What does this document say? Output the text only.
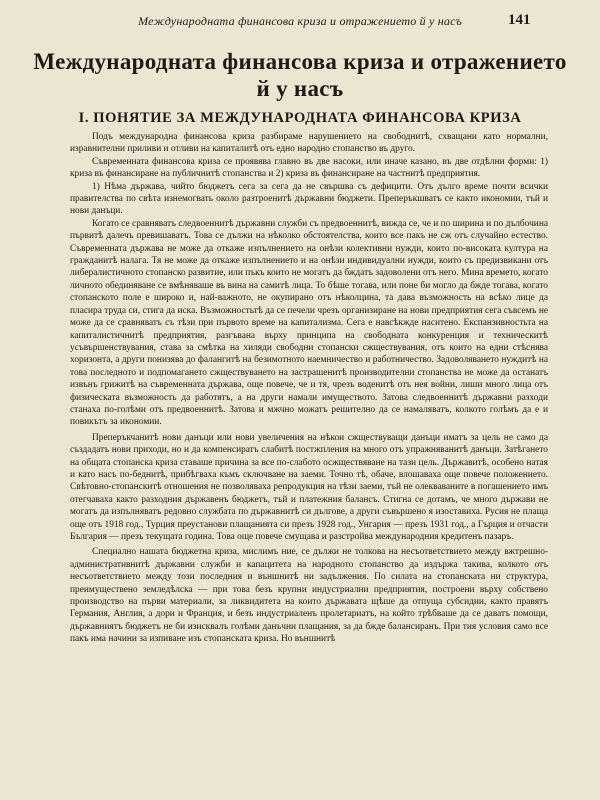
Международната финансова криза и отражението й у насъ	141
Международната финансова криза и отражението й у насъ
I. ПОНЯТИЕ ЗА МЕЖДУНАРОДНАТА ФИНАНСОВА КРИЗА

Подъ международна финансова криза разбираме нарушението на свободнитѣ, схващани като нормални, изравнителни приливи и отливи на капиталитѣ отъ едно народно стопанство въ друго.

Съвременната финансова криза се проявява главно въ две насоки, или иначе казано, въ две отдѣлни форми: 1) криза въ финансиране на публичнитѣ стопанства и 2) криза въ финансиране на частнитѣ предприятия.

1) Нѣма държава, чийто бюджетъ сега за сега да не свършва съ дефицити. Отъ дълго време почти всички правителства по свѣта изнемогвать около разтроенитѣ държавни бюджети. Преперъкшватъ се както икономии, тъй и нови данъци.

Когато се сравняватъ следвоеннитѣ държавни служби съ предвоеннитѣ, вижда се, че и по ширина и по дълбочина първитѣ далечъ превишаватъ. Това се дължи на нѣколко обстоятелства, които все пакъ не сж отъ случайно естество. Съвременната държава не може да откаже изпълнението на онѣзи колективни нужди, които по-високата култура на гражданитѣ налага. Тя не може да откаже изпълнението и на онѣзи индивидуални нужди, които съ предизвикани отъ либералистичното стопанско развитие, или пъкъ които не могатъ да бждатъ задоволени отъ него. Мина времето, когато личното обединяване се вмѣняваше въ вина на самитѣ лица. То бѣше тогава, или поне би могло да бжде тогава, когато стопанското поле е широко и, най-важното, не окупирано отъ нѣколцина, та дава възможность на всѣко лице да пласира труда си, стига да иска. Възможностьтѣ да се печели чрезъ организиране на нови предприятия сега съвсемъ не може да се сравняватъ съ тѣзи при първото време на капитализма. Сега е навсѣкжде наситено. Експанзивностьта на капиталистичнитѣ предприятия, разгъвана върху принципа на свободната конкуренция и техническитѣ усъвършенствувания, става за смѣтка на хиляди свободни стопански сжществувания, отъ които на едни стѣснява хоризонта, а други понизява до фалангитѣ на безимотното наемничество и работничество. Задоволяването нуждитѣ на това последното и подпомагането сжществуването на застрашенитѣ производителни стопанства не може да останатъ извънъ грижитѣ на съвременната държава, още повече, че и тя, чрезъ воденитѣ отъ нея войни, лиши много лица отъ физическата възможность да работятъ, а на други намали имуществото. Затова следвоеннитѣ държавни разходи станаха по-голѣми отъ предвоеннитѣ. Затова и мжчно можатъ решително да се намаляватъ, колкото голѣмъ да е и повикътъ за икономии.

Преперъкчанитѣ нови данъци или нови увеличения на нѣкои сжществуващи данъци иматъ за цель не само да създадатъ нови приходи, но и да компенсиратъ слабитѣ постжпления на много отъ упражняванитѣ данъци. Затѣгането на общата стопанска криза ставаше причина за все по-слабото осжществяване на тази цель. Държавитѣ, особено натая и като насъ по-беднитѣ, прибѣгваха къмъ сключване на заеми. Точно тѣ, обаче, влошаваха още повече положението. Свѣтовно-стопанскитѣ отношения не позволяваха репродукция на тѣзи заеми, тъй не олекваваните в погашението имъ отегчаваха както разходния държавенъ бюджетъ, тъй и платежния балансъ. Стигна се дотамъ, че много държави не могатъ да изпълняватъ редовно службата по държавнитѣ си дългове, а други съвършено я изоставиха. Русия не плаща още отъ 1918 год., Турция преустанови плащанията си презъ 1928 год., Унгария — презъ 1931 год., а Гърция и отчасти България — презъ текущата година. Това още повече смущава и разстройва международния кредитенъ пазаръ.

Специално нашата бюджетна криза, мислимъ ние, се дължи не толкова на несъответствието между вжтрешно-административнитѣ държавни служби и капацитета на народното стопанство да издържа такива, колкото отъ несъответствието между този последния и външнитѣ ни задължения. По силата на стопанската ни структура, преимуществено земледѣлска — при това безъ крупни индустриални предприятия, построени върху собствено производство на първи материали, за ликвидитета на които държавата щѣше да отпуща субсидии, както правятъ Германия, Англия, а дори и Франция, и безъ индустриаленъ пролетариатъ, на който трѣбваше да се даватъ помощи, държавниятъ бюджетъ не би изисквалъ голѣми данъчни плащания, за да бжде балансиранъ. При тия условия само все пакъ има начини за изпиване изъ стопанската криза. Но външнитѣ
